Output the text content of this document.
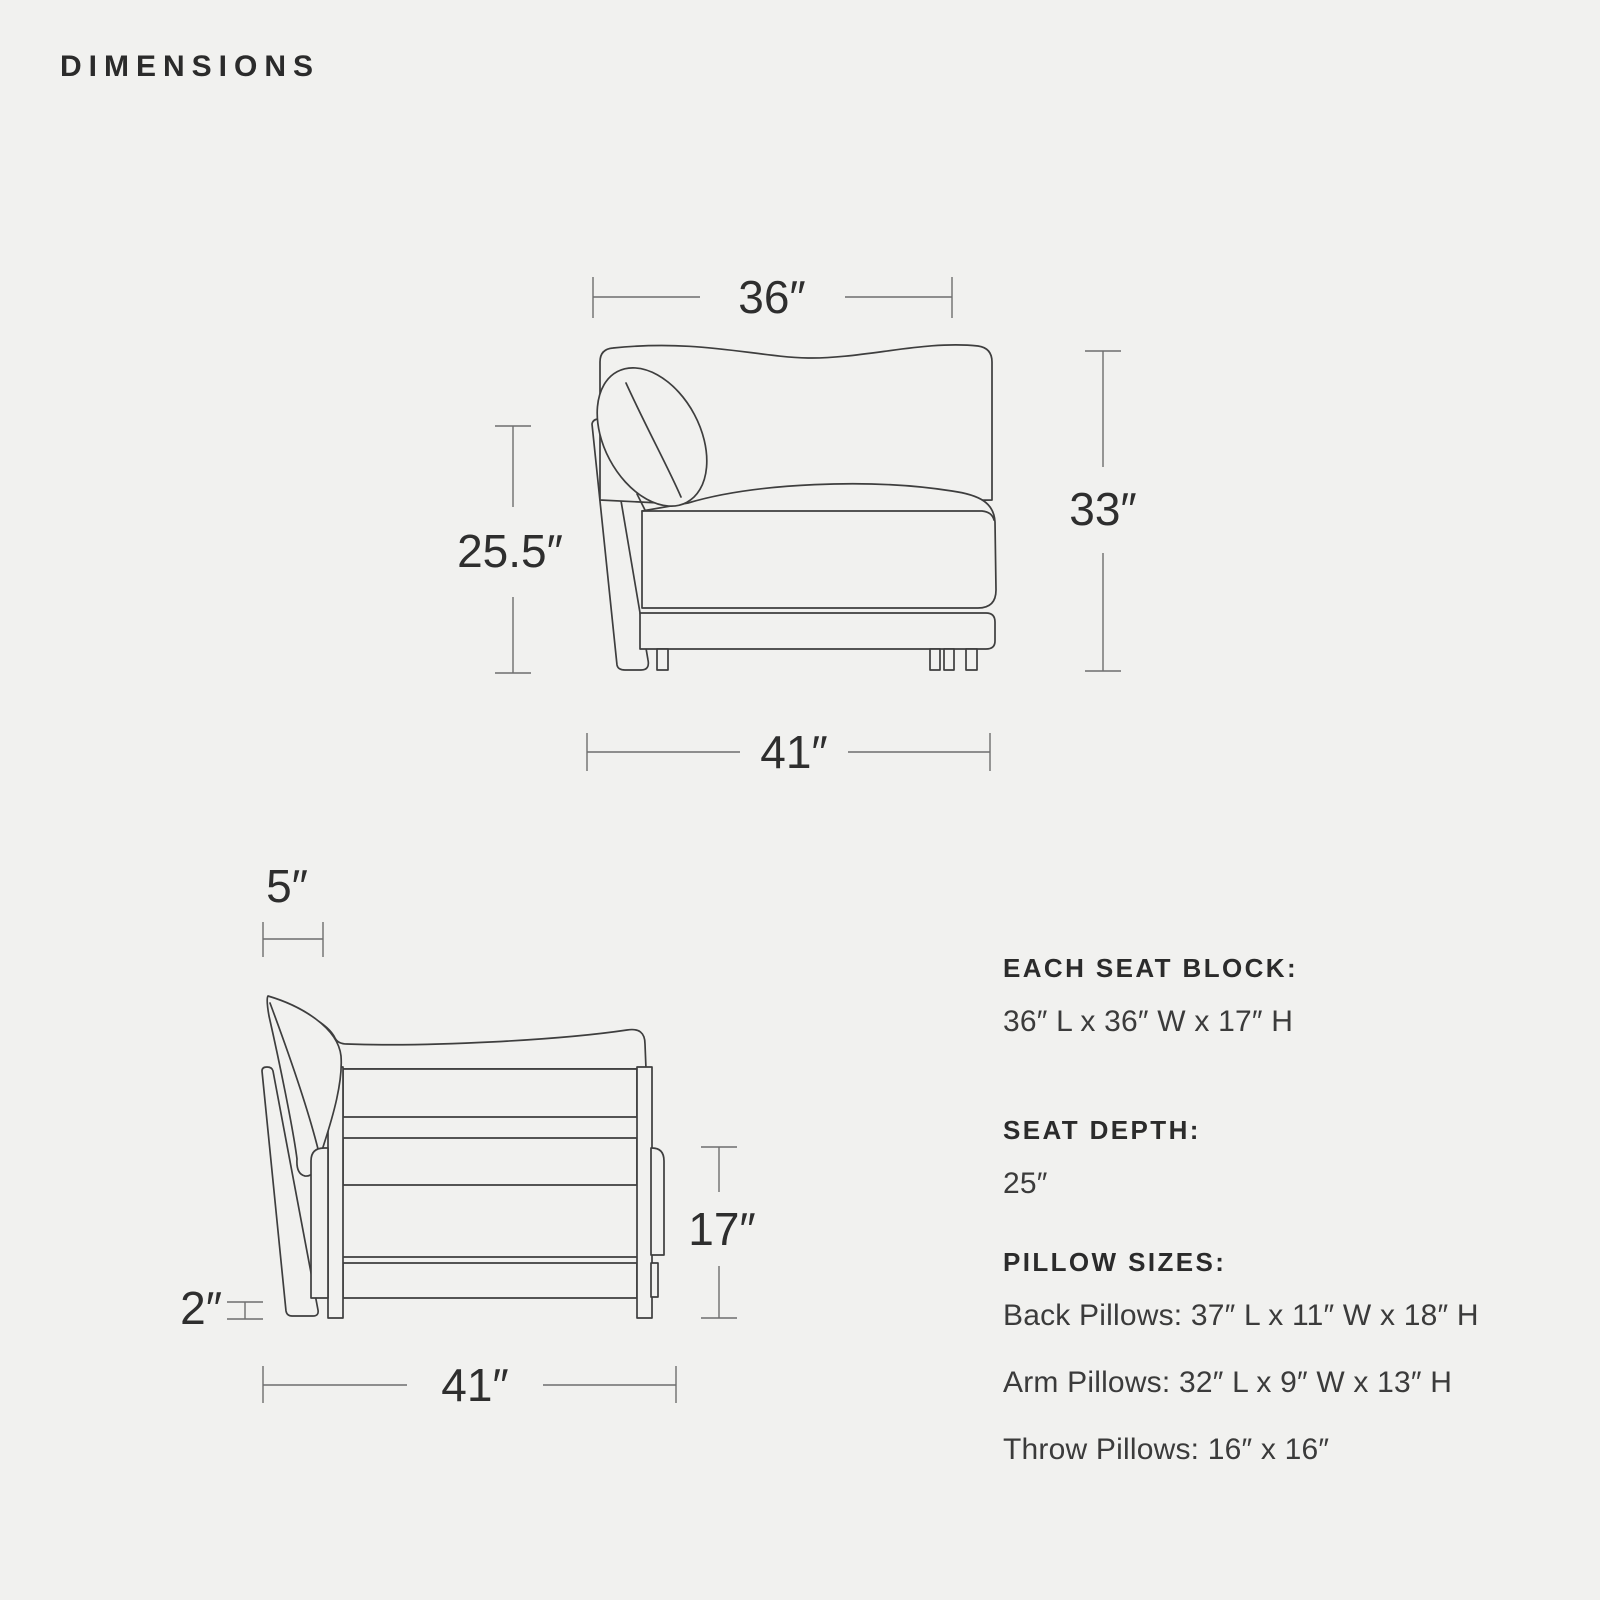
DIMENSIONS
36″
33″
25.5″
41″
5″
2″
17″
41″

EACH SEAT BLOCK:

36″ L x 36″ W x 17″ H

SEAT DEPTH:

25″

PILLOW SIZES:

Back Pillows: 37″ L x 11″ W x 18″ H

Arm Pillows: 32″ L x 9″ W x 13″ H

Throw Pillows: 16″ x 16″
